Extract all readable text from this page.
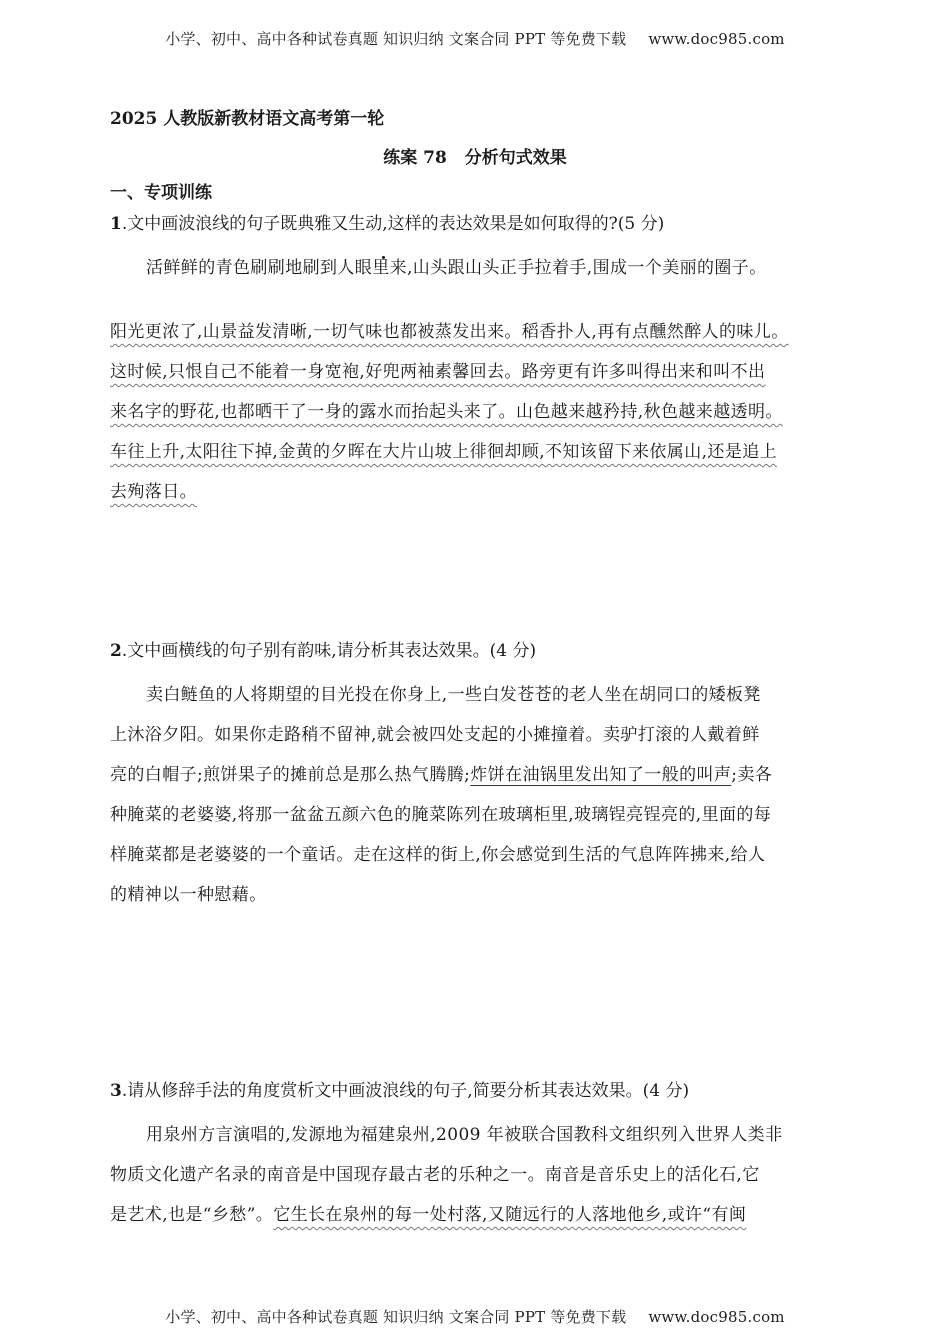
小学、初中、高中各种试卷真题 知识归纳 文案合同 PPT 等免费下载 www.doc985.com
2025 人教版新教材语文高考第一轮
练案 78 分析句式效果
一、专项训练
1.文中画波浪线的句子既典雅又生动,这样的表达效果是如何取得的?(5 分)
活鲜鲜的青色刷刷地刷到人眼里来,山头跟山头正手拉着手,围成一个美丽的圈子。
阳光更浓了,山景益发清晰,一切气味也都被蒸发出来。稻香扑人,再有点醺然醉人的味儿。
这时候,只恨自己不能着一身宽袍,好兜两袖素馨回去。路旁更有许多叫得出来和叫不出
来名字的野花,也都晒干了一身的露水而抬起头来了。山色越来越矜持,秋色越来越透明。
车往上升,太阳往下掉,金黄的夕晖在大片山坡上徘徊却顾,不知该留下来依属山,还是追上
去殉落日。
2.文中画横线的句子别有韵味,请分析其表达效果。(4 分)
卖白鲢鱼的人将期望的目光投在你身上,一些白发苍苍的老人坐在胡同口的矮板凳
上沐浴夕阳。如果你走路稍不留神,就会被四处支起的小摊撞着。卖驴打滚的人戴着鲜
亮的白帽子;煎饼果子的摊前总是那么热气腾腾;炸饼在油锅里发出知了一般的叫声;卖各
种腌菜的老婆婆,将那一盆盆五颜六色的腌菜陈列在玻璃柜里,玻璃锃亮锃亮的,里面的每
样腌菜都是老婆婆的一个童话。走在这样的街上,你会感觉到生活的气息阵阵拂来,给人
的精神以一种慰藉。
3.请从修辞手法的角度赏析文中画波浪线的句子,简要分析其表达效果。(4 分)
用泉州方言演唱的,发源地为福建泉州,2009 年被联合国教科文组织列入世界人类非
物质文化遗产名录的南音是中国现存最古老的乐种之一。南音是音乐史上的活化石,它
是艺术,也是“乡愁”。它生长在泉州的每一处村落,又随远行的人落地他乡,或许“有闽
小学、初中、高中各种试卷真题 知识归纳 文案合同 PPT 等免费下载 www.doc985.com
